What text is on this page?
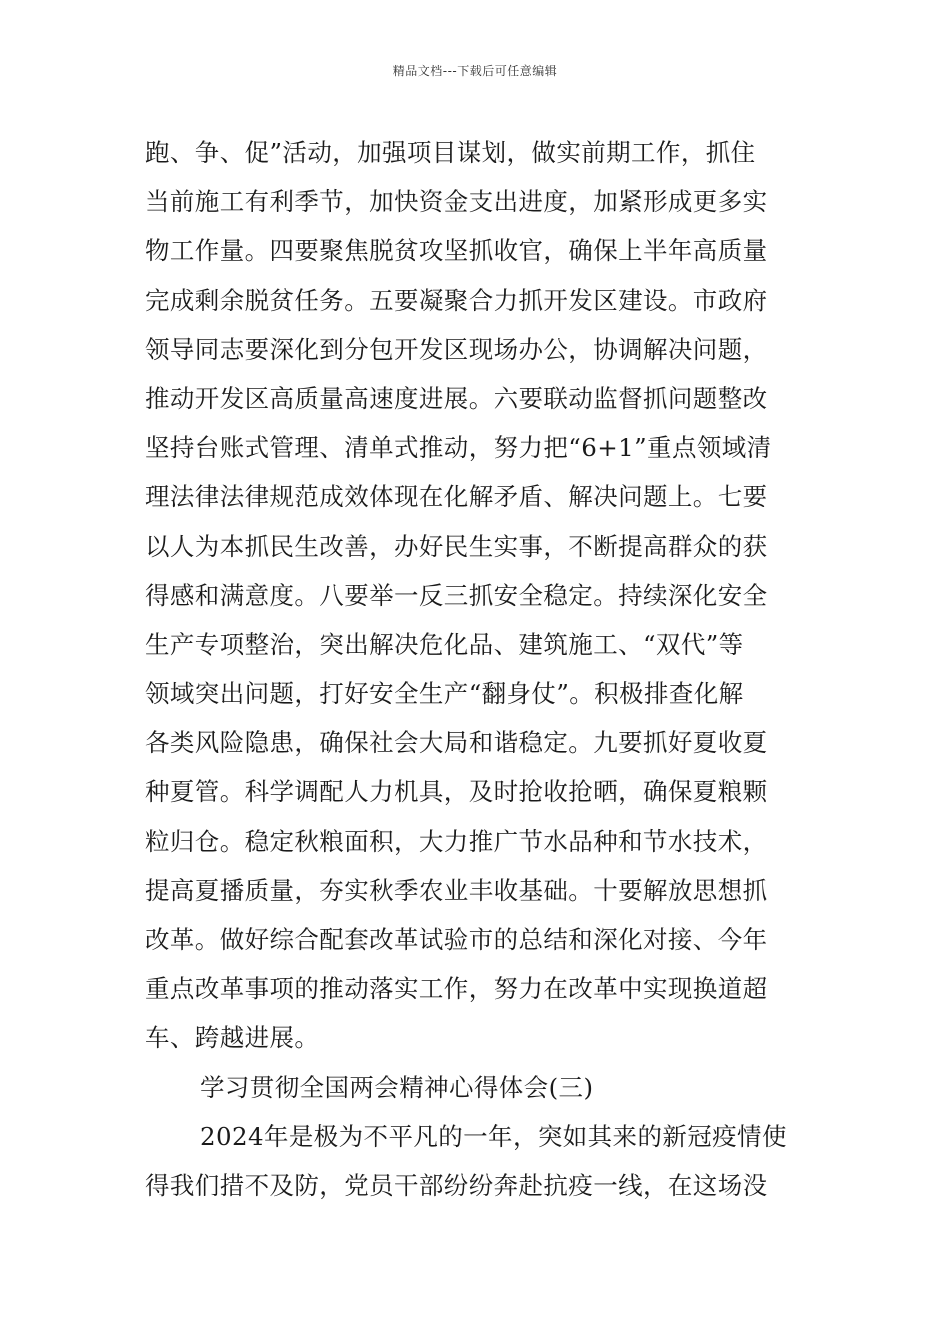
精品文档---下载后可任意编辑
跑、争、促”活动，加强项目谋划，做实前期工作，抓住
当前施工有利季节，加快资金支出进度，加紧形成更多实
物工作量。四要聚焦脱贫攻坚抓收官，确保上半年高质量
完成剩余脱贫任务。五要凝聚合力抓开发区建设。市政府
领导同志要深化到分包开发区现场办公，协调解决问题，
推动开发区高质量高速度进展。六要联动监督抓问题整改
坚持台账式管理、清单式推动，努力把“6+1”重点领域清
理法律法律规范成效体现在化解矛盾、解决问题上。七要
以人为本抓民生改善，办好民生实事，不断提高群众的获
得感和满意度。八要举一反三抓安全稳定。持续深化安全
生产专项整治，突出解决危化品、建筑施工、“双代”等
领域突出问题，打好安全生产“翻身仗”。积极排查化解
各类风险隐患，确保社会大局和谐稳定。九要抓好夏收夏
种夏管。科学调配人力机具，及时抢收抢晒，确保夏粮颗
粒归仓。稳定秋粮面积，大力推广节水品种和节水技术，
提高夏播质量，夯实秋季农业丰收基础。十要解放思想抓
改革。做好综合配套改革试验市的总结和深化对接、今年
重点改革事项的推动落实工作，努力在改革中实现换道超
车、跨越进展。
学习贯彻全国两会精神心得体会(三)
2024年是极为不平凡的一年，突如其来的新冠疫情使
得我们措不及防，党员干部纷纷奔赴抗疫一线，在这场没
